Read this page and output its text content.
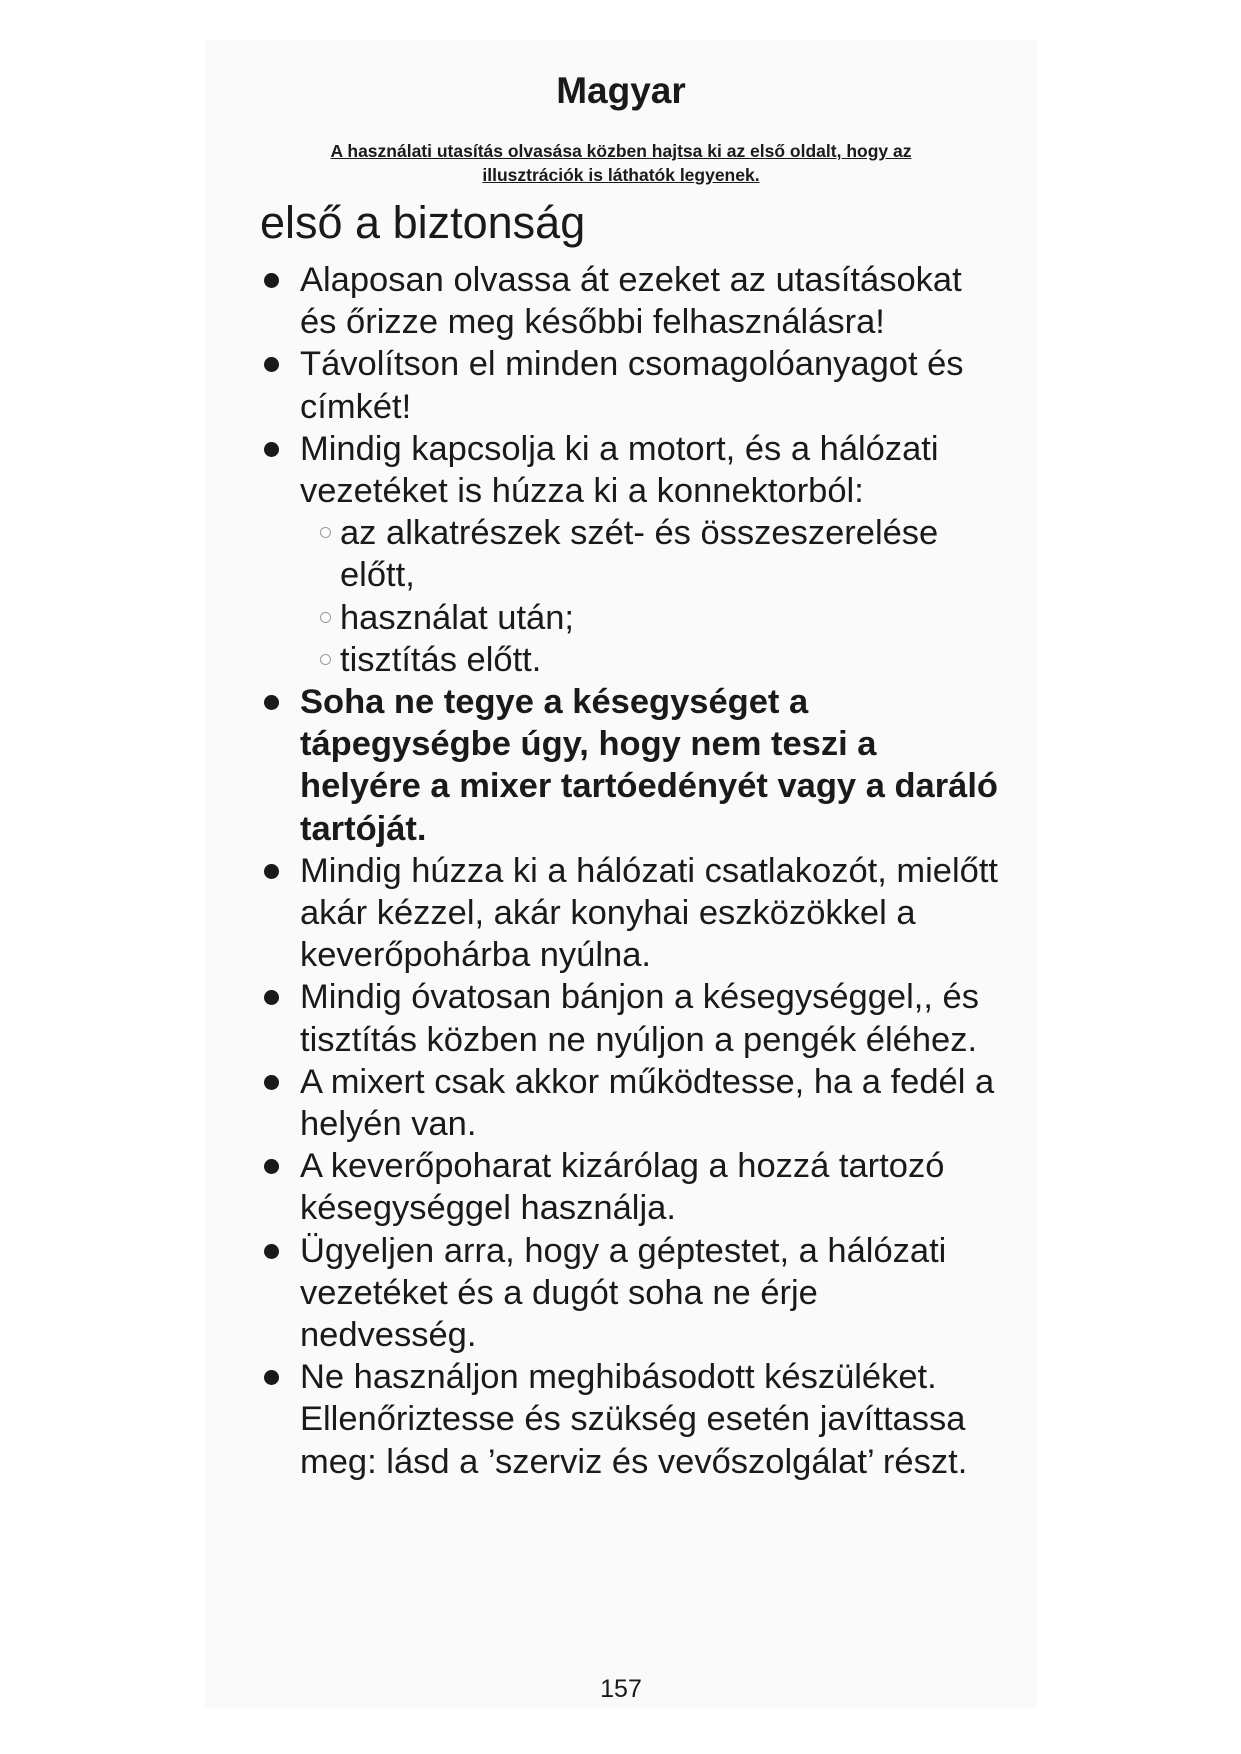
Magyar
A használati utasítás olvasása közben hajtsa ki az első oldalt, hogy az
illusztrációk is láthatók legyenek.
első a biztonság
Alaposan olvassa át ezeket az utasításokat és őrizze meg későbbi felhasználásra!
Távolítson el minden csomagolóanyagot és címkét!
Mindig kapcsolja ki a motort, és a hálózati vezetéket is húzza ki a konnektorból:
az alkatrészek szét- és összeszerelése előtt,
használat után;
tisztítás előtt.
Soha ne tegye a késegységet a tápegységbe úgy, hogy nem teszi a helyére a mixer tartóedényét vagy a daráló tartóját.
Mindig húzza ki a hálózati csatlakozót, mielőtt akár kézzel, akár konyhai eszközökkel a keverőpohárba nyúlna.
Mindig óvatosan bánjon a késegységgel,, és tisztítás közben ne nyúljon a pengék éléhez.
A mixert csak akkor működtesse, ha a fedél a helyén van.
A keverőpoharat kizárólag a hozzá tartozó késegységgel használja.
Ügyeljen arra, hogy a géptestet, a hálózati vezetéket és a dugót soha ne érje nedvesség.
Ne használjon meghibásodott készüléket. Ellenőriztesse és szükség esetén javíttassa meg: lásd a ’szerviz és vevőszolgálat’ részt.
157
